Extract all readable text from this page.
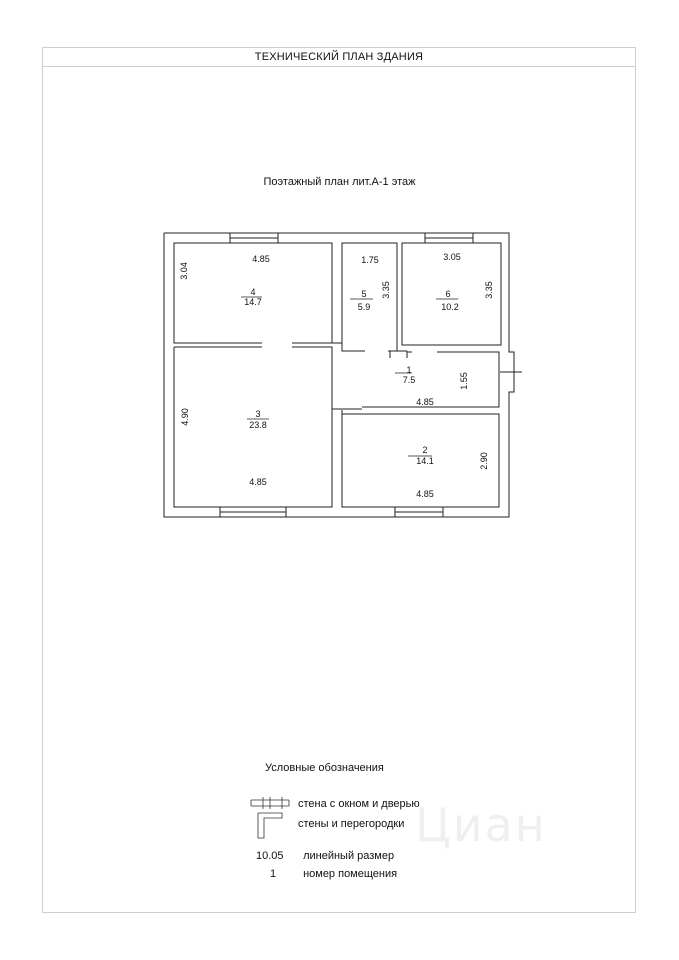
ТЕХНИЧЕСКИЙ ПЛАН ЗДАНИЯ
Поэтажный план лит.А-1 этаж
4
14.7
4.85
3.04
5
5.9
1.75
3.35	6
10.2
3.05
3.35
1
7.5	1.55
4.85
3
23.8
4.90
4.85
2
14.1	2.90
4.85
Условные обозначения
стена с окном и дверью
стены и перегородки
10.05 линейный размер
1 номер помещения
Циан
